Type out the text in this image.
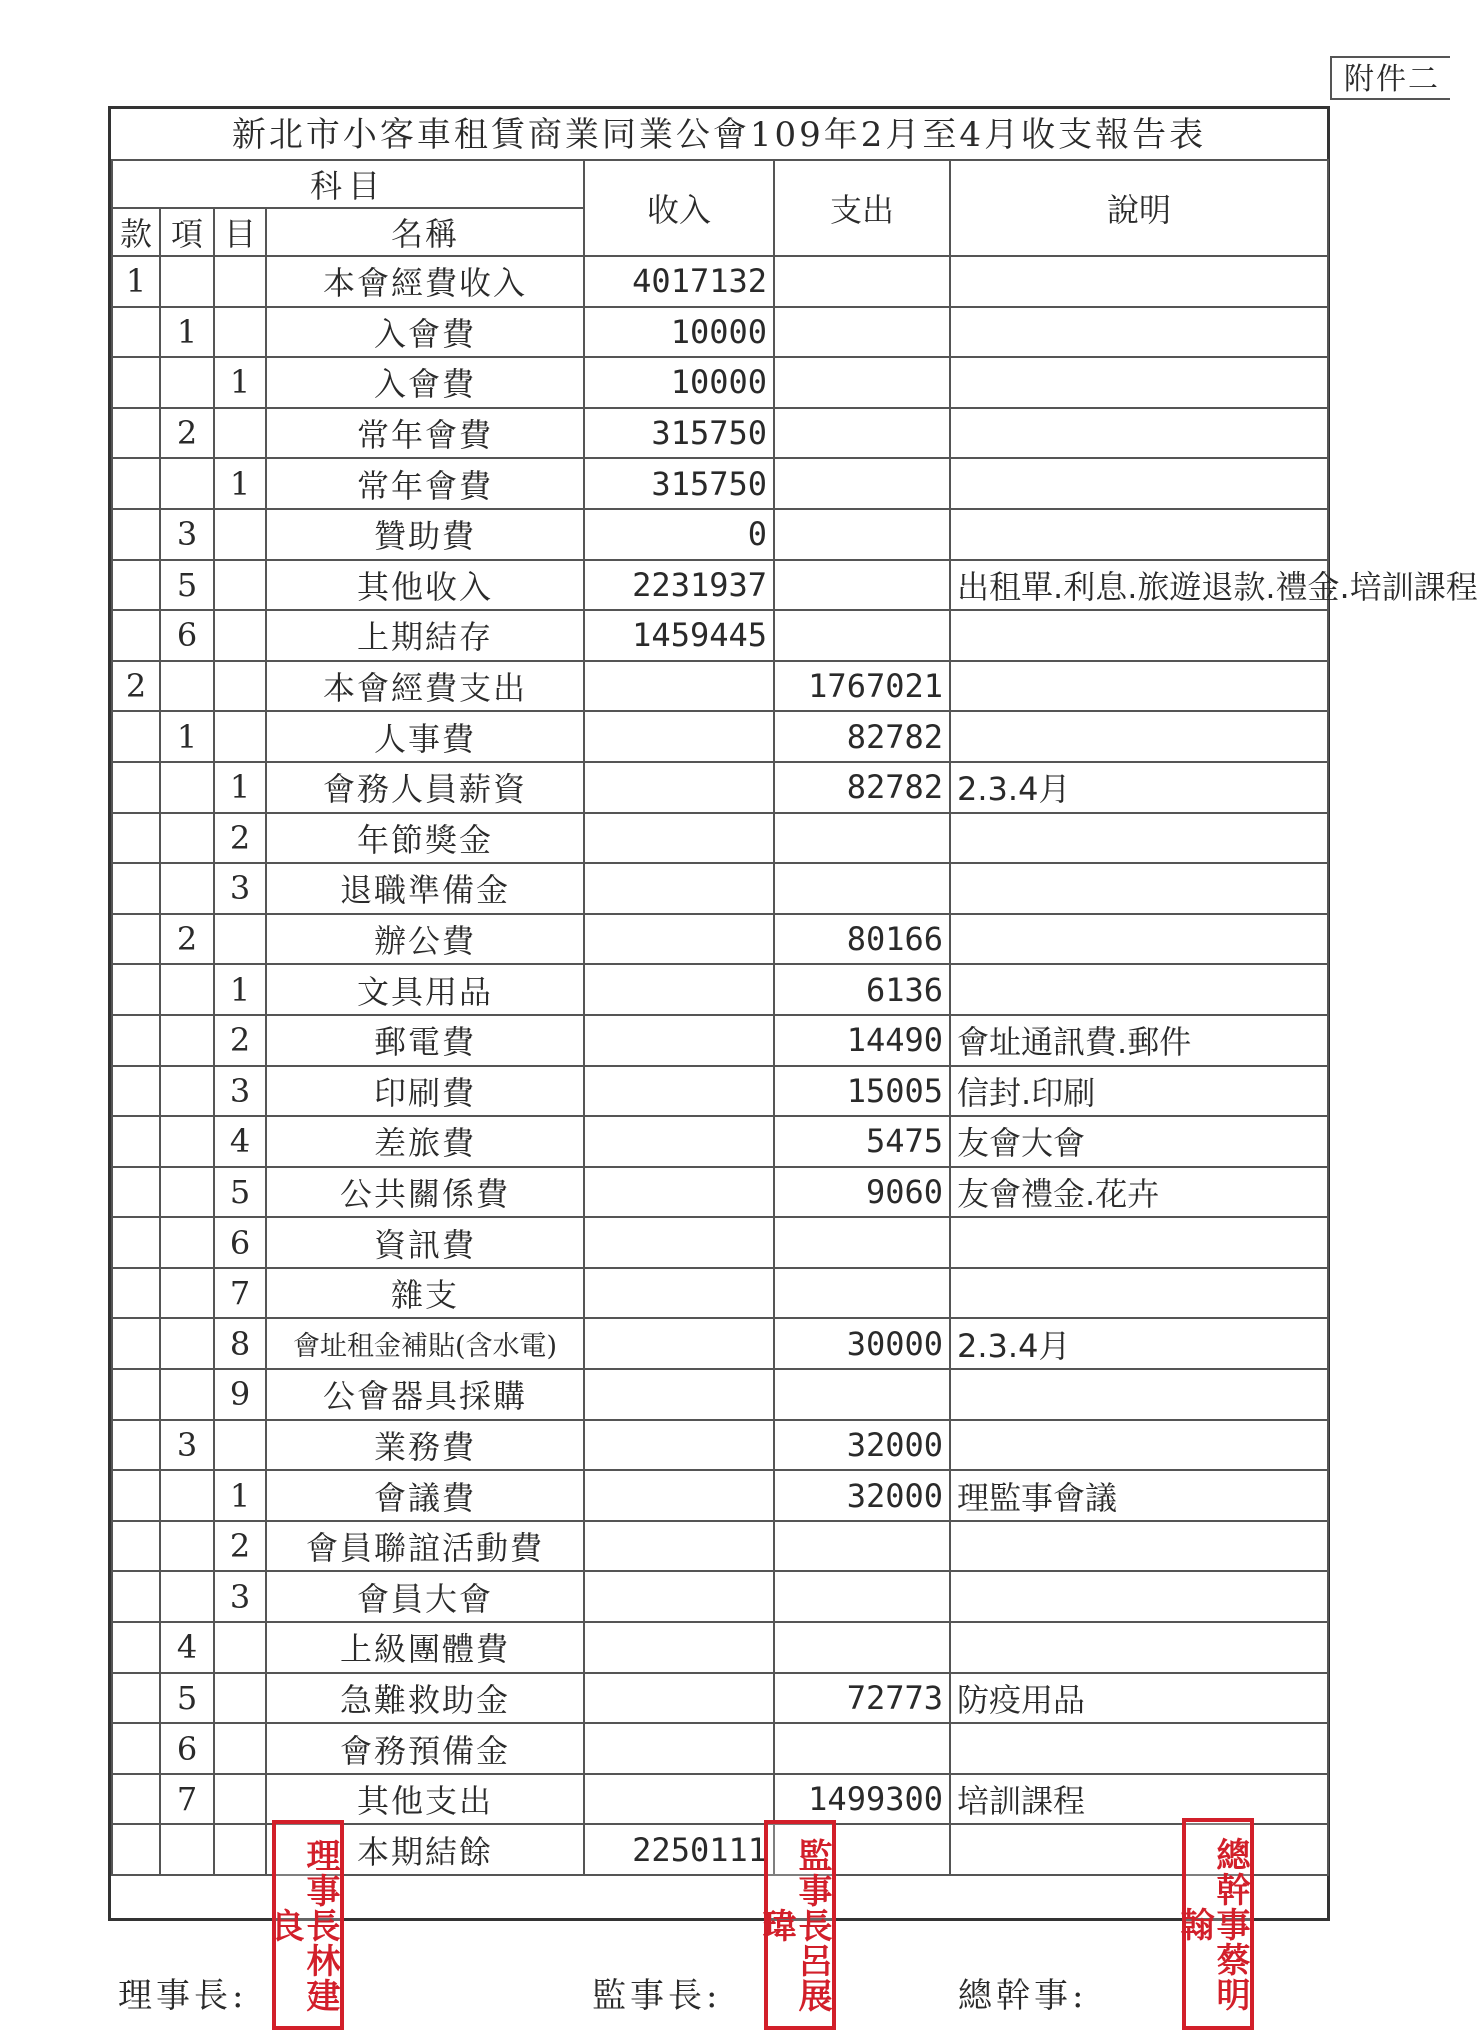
附件二
新北市小客車租賃商業同業公會109年2月至4月收支報告表
科目				收入	支出	說明
款	項	目	名稱			
1			本會經費收入	4017132		
	1		入會費	10000		
		1	入會費	10000		
	2		常年會費	315750		
		1	常年會費	315750		
	3		贊助費	0		
	5		其他收入	2231937		出租單.利息.旅遊退款.禮金.培訓課程
	6		上期結存	1459445		
2			本會經費支出		1767021	
	1		人事費		82782	
		1	會務人員薪資		82782	2.3.4月
		2	年節獎金			
		3	退職準備金			
	2		辦公費		80166	
		1	文具用品		6136	
		2	郵電費		14490	會址通訊費.郵件
		3	印刷費		15005	信封.印刷
		4	差旅費		5475	友會大會
		5	公共關係費		9060	友會禮金.花卉
		6	資訊費			
		7	雜支			
		8	會址租金補貼(含水電)		30000	2.3.4月
		9	公會器具採購			
	3		業務費		32000	
		1	會議費		32000	理監事會議
		2	會員聯誼活動費			
		3	會員大會			
	4		上級團體費			
	5		急難救助金		72773	防疫用品
	6		會務預備金			
	7		其他支出		1499300	培訓課程
			本期結餘	2250111		
理事長:	監事長:	總幹事:
理事長林建良	監事長呂展瑋	總幹事蔡明翰
